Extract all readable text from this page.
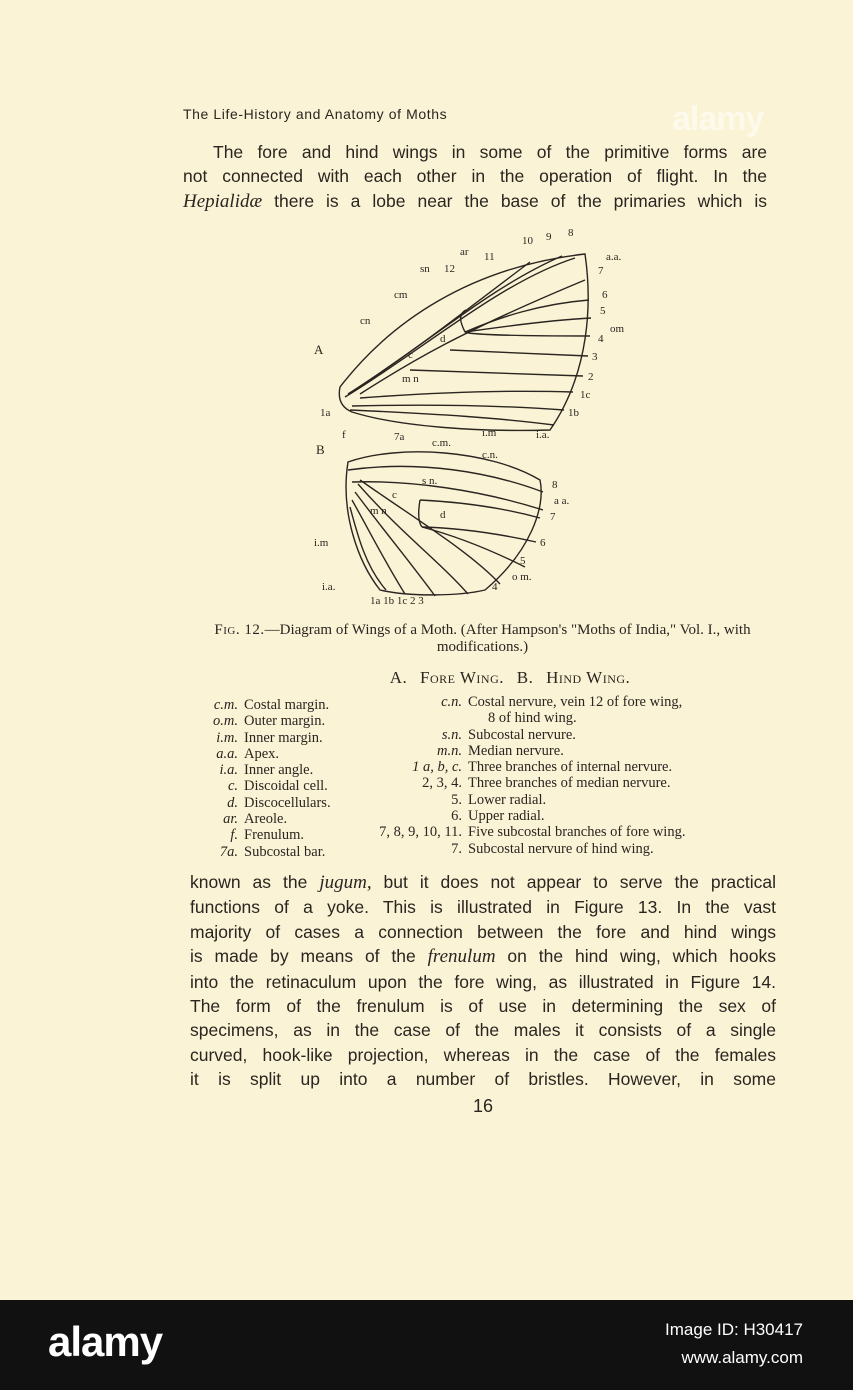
alamy
The Life-History and Anatomy of Moths
The fore and hind wings in some of the primitive forms are
not connected with each other in the operation of flight. In the
Hepialidæ there is a lobe near the base of the primaries which is
A
sn 12
ar 11
10 9 8
a.a.
7
6
5
om
4
3
2
1c
1b
1a
cm
cn
d
c
m n
i.a.
i.m
f
B
7a	c.m.
c.n.
s n.
c
d
m n
8
a a.
7
6
5
o m.
4
i.m
i.a.
1a 1b 1c 2 3
Fig. 12.—Diagram of Wings of a Moth. (After Hampson's "Moths of India," Vol. I., with modifications.)
A. Fore Wing. B. Hind Wing.
c.m. Costal margin.
o.m. Outer margin.
i.m. Inner margin.
a.a. Apex.
i.a. Inner angle.
c. Discoidal cell.
d. Discocellulars.
ar. Areole.
f. Frenulum.
7a. Subcostal bar.
c.n. Costal nervure, vein 12 of fore wing,
8 of hind wing.
s.n. Subcostal nervure.
m.n. Median nervure.
1 a, b, c. Three branches of internal nervure.
2, 3, 4. Three branches of median nervure.
5. Lower radial.
6. Upper radial.
7, 8, 9, 10, 11. Five subcostal branches of fore wing.
7. Subcostal nervure of hind wing.
known as the jugum, but it does not appear to serve the practical
functions of a yoke. This is illustrated in Figure 13. In the vast
majority of cases a connection between the fore and hind wings
is made by means of the frenulum on the hind wing, which hooks
into the retinaculum upon the fore wing, as illustrated in Figure 14.
The form of the frenulum is of use in determining the sex of
specimens, as in the case of the males it consists of a single
curved, hook-like projection, whereas in the case of the females
it is split up into a number of bristles. However, in some
16
alamy	Image ID: H30417
www.alamy.com
